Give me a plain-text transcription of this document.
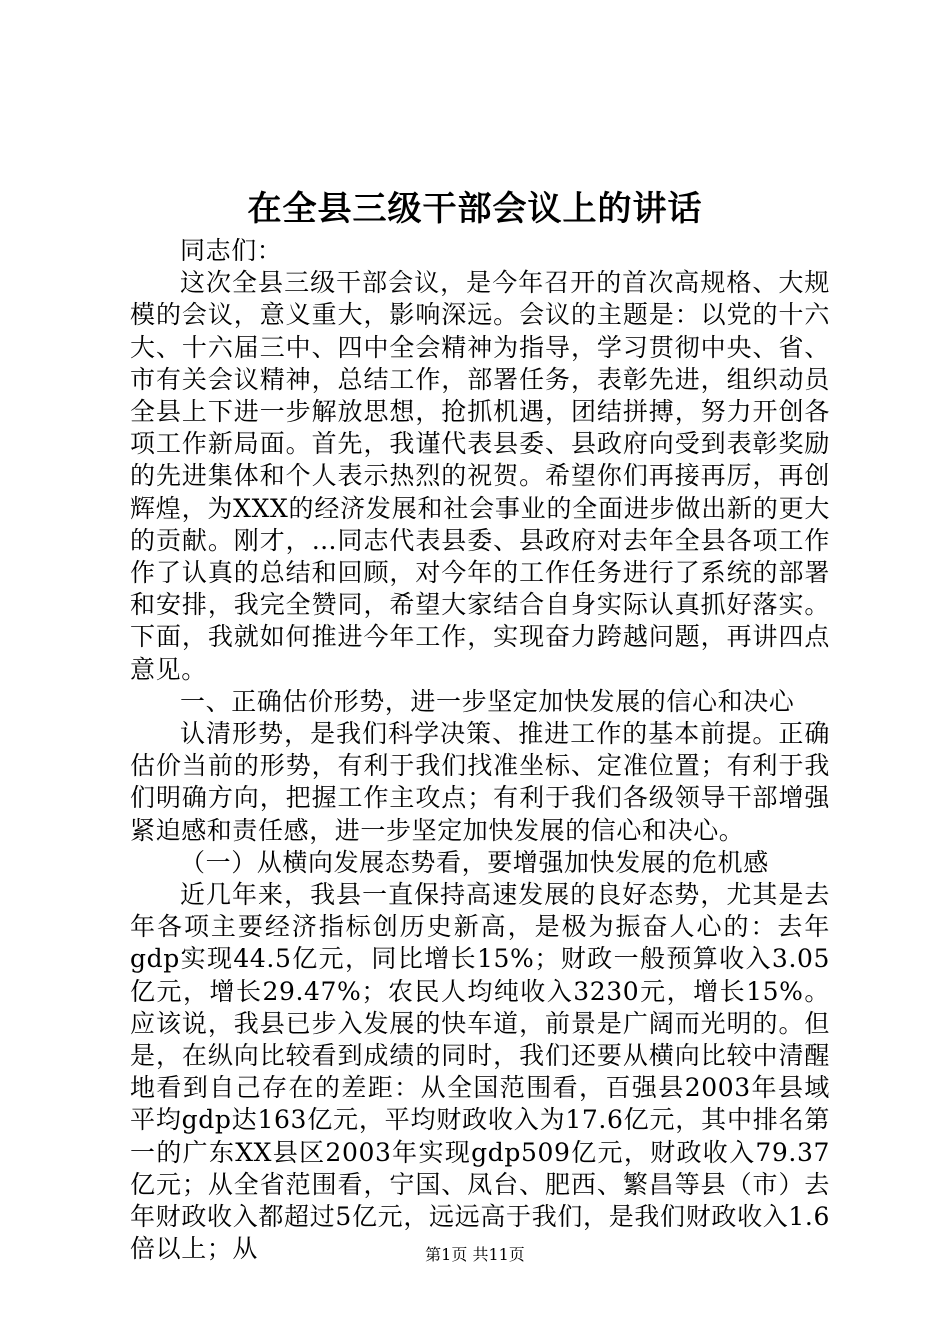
在全县三级干部会议上的讲话

同志们：

这次全县三级干部会议，是今年召开的首次高规格、大规模的会议，意义重大，影响深远。会议的主题是：以党的十六大、十六届三中、四中全会精神为指导，学习贯彻中央、省、市有关会议精神，总结工作，部署任务，表彰先进，组织动员全县上下进一步解放思想，抢抓机遇，团结拼搏，努力开创各项工作新局面。首先，我谨代表县委、县政府向受到表彰奖励的先进集体和个人表示热烈的祝贺。希望你们再接再厉，再创辉煌，为XXX的经济发展和社会事业的全面进步做出新的更大的贡献。刚才，…同志代表县委、县政府对去年全县各项工作作了认真的总结和回顾，对今年的工作任务进行了系统的部署和安排，我完全赞同，希望大家结合自身实际认真抓好落实。下面，我就如何推进今年工作，实现奋力跨越问题，再讲四点意见。

一、正确估价形势，进一步坚定加快发展的信心和决心

认清形势，是我们科学决策、推进工作的基本前提。正确估价当前的形势，有利于我们找准坐标、定准位置；有利于我们明确方向，把握工作主攻点；有利于我们各级领导干部增强紧迫感和责任感，进一步坚定加快发展的信心和决心。

（一）从横向发展态势看，要增强加快发展的危机感

近几年来，我县一直保持高速发展的良好态势，尤其是去年各项主要经济指标创历史新高，是极为振奋人心的：去年gdp实现44.5亿元，同比增长15%；财政一般预算收入3.05亿元，增长29.47%；农民人均纯收入3230元，增长15%。应该说，我县已步入发展的快车道，前景是广阔而光明的。但是，在纵向比较看到成绩的同时，我们还要从横向比较中清醒地看到自己存在的差距：从全国范围看，百强县2003年县域平均gdp达163亿元，平均财政收入为17.6亿元，其中排名第一的广东XX县区2003年实现gdp509亿元，财政收入79.37亿元；从全省范围看，宁国、凤台、肥西、繁昌等县（市）去年财政收入都超过5亿元，远远高于我们，是我们财政收入1.6倍以上；从	第1页 共11页
